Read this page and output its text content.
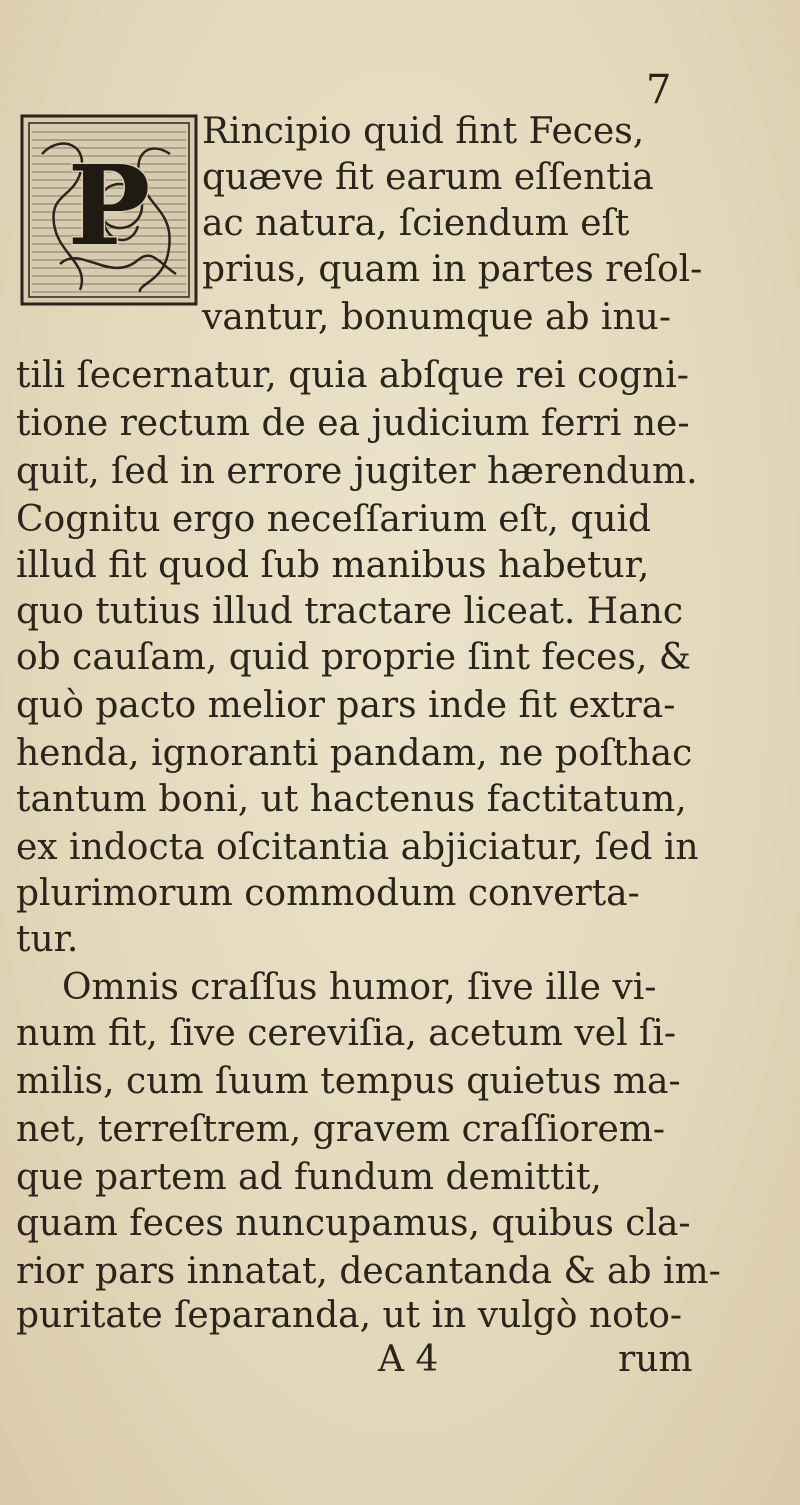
7
P
Rincipio quid fint Feces,
quæve fit earum eſſentia
ac natura, ſciendum eſt
prius, quam in partes reſol-
vantur, bonumque ab inu-
tili ſecernatur, quia abſque rei cogni-
tione rectum de ea judicium ferri ne-
quit, ſed in errore jugiter hærendum.
Cognitu ergo neceſſarium eſt, quid
illud fit quod ſub manibus habetur,
quo tutius illud tractare liceat. Hanc
ob cauſam, quid proprie ſint feces, &
quò pacto melior pars inde fit extra-
henda, ignoranti pandam, ne poſthac
tantum boni, ut hactenus factitatum,
ex indocta oſcitantia abjiciatur, ſed in
plurimorum commodum converta-
tur.
Omnis craſſus humor, ſive ille vi-
num fit, ſive cereviſia, acetum vel ſi-
milis, cum ſuum tempus quietus ma-
net, terreſtrem, gravem craſſiorem-
que partem ad fundum demittit,
quam feces nuncupamus, quibus cla-
rior pars innatat, decantanda & ab im-
puritate ſeparanda, ut in vulgò noto-
A 4	rum
